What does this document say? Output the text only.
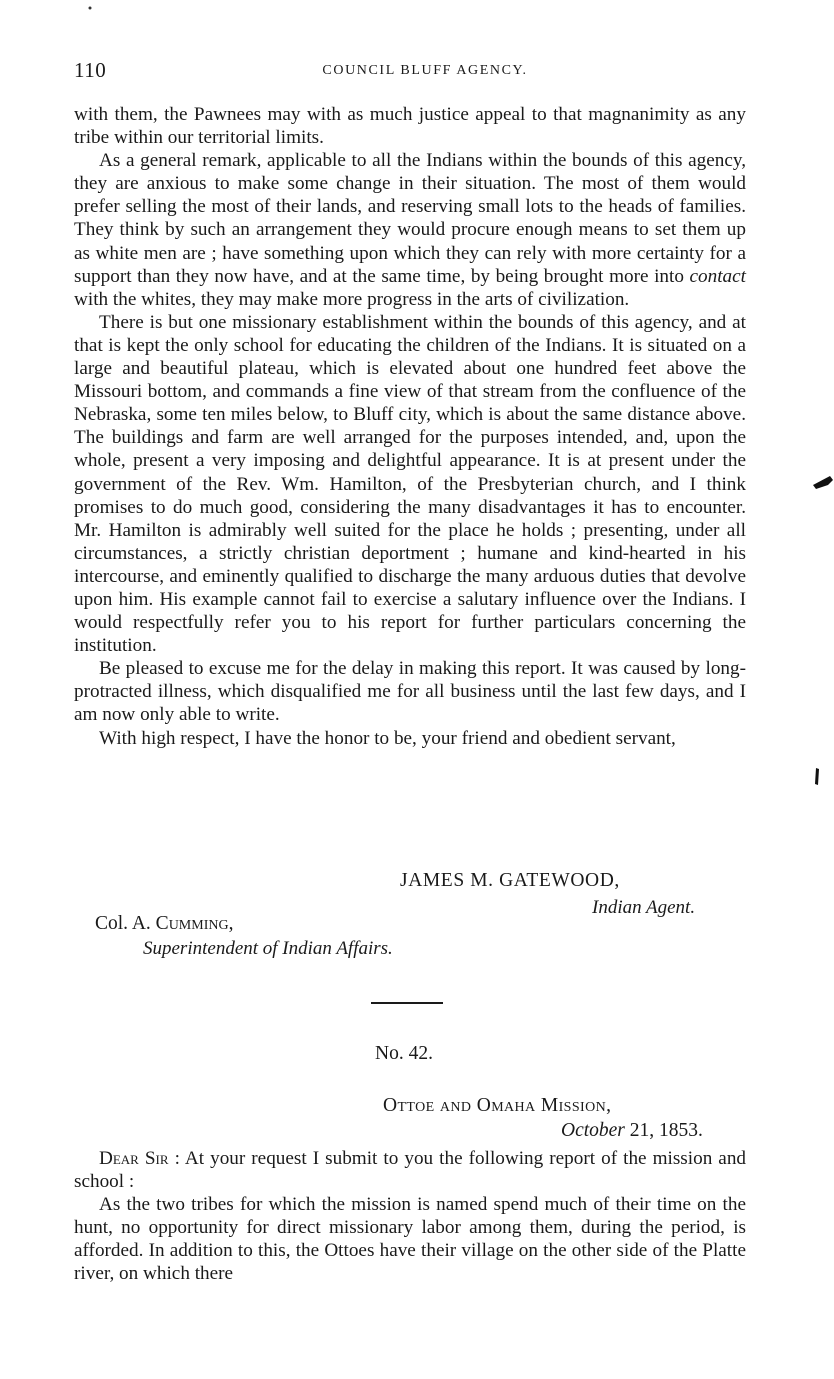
110	COUNCIL BLUFF AGENCY.

with them, the Pawnees may with as much justice appeal to that magnanimity as any tribe within our territorial limits.

As a general remark, applicable to all the Indians within the bounds of this agency, they are anxious to make some change in their situation. The most of them would prefer selling the most of their lands, and reserving small lots to the heads of families. They think by such an arrangement they would procure enough means to set them up as white men are ; have something upon which they can rely with more certainty for a support than they now have, and at the same time, by being brought more into contact with the whites, they may make more progress in the arts of civilization.

There is but one missionary establishment within the bounds of this agency, and at that is kept the only school for educating the children of the Indians. It is situated on a large and beautiful plateau, which is elevated about one hundred feet above the Missouri bottom, and commands a fine view of that stream from the confluence of the Nebraska, some ten miles below, to Bluff city, which is about the same distance above. The buildings and farm are well arranged for the purposes intended, and, upon the whole, present a very imposing and delightful appearance. It is at present under the government of the Rev. Wm. Hamilton, of the Presbyterian church, and I think promises to do much good, considering the many disadvantages it has to encounter. Mr. Hamilton is admirably well suited for the place he holds ; presenting, under all circumstances, a strictly christian deportment ; humane and kind-hearted in his intercourse, and eminently qualified to discharge the many arduous duties that devolve upon him. His example cannot fail to exercise a salutary influence over the Indians. I would respectfully refer you to his report for further particulars concerning the institution.

Be pleased to excuse me for the delay in making this report. It was caused by long-protracted illness, which disqualified me for all business until the last few days, and I am now only able to write.

With high respect, I have the honor to be, your friend and obedient servant,

JAMES M. GATEWOOD,
Indian Agent.
Col. A. Cumming,
Superintendent of Indian Affairs.
No. 42.
Ottoe and Omaha Mission,
October 21, 1853.

Dear Sir : At your request I submit to you the following report of the mission and school :

As the two tribes for which the mission is named spend much of their time on the hunt, no opportunity for direct missionary labor among them, during the period, is afforded. In addition to this, the Ottoes have their village on the other side of the Platte river, on which there
